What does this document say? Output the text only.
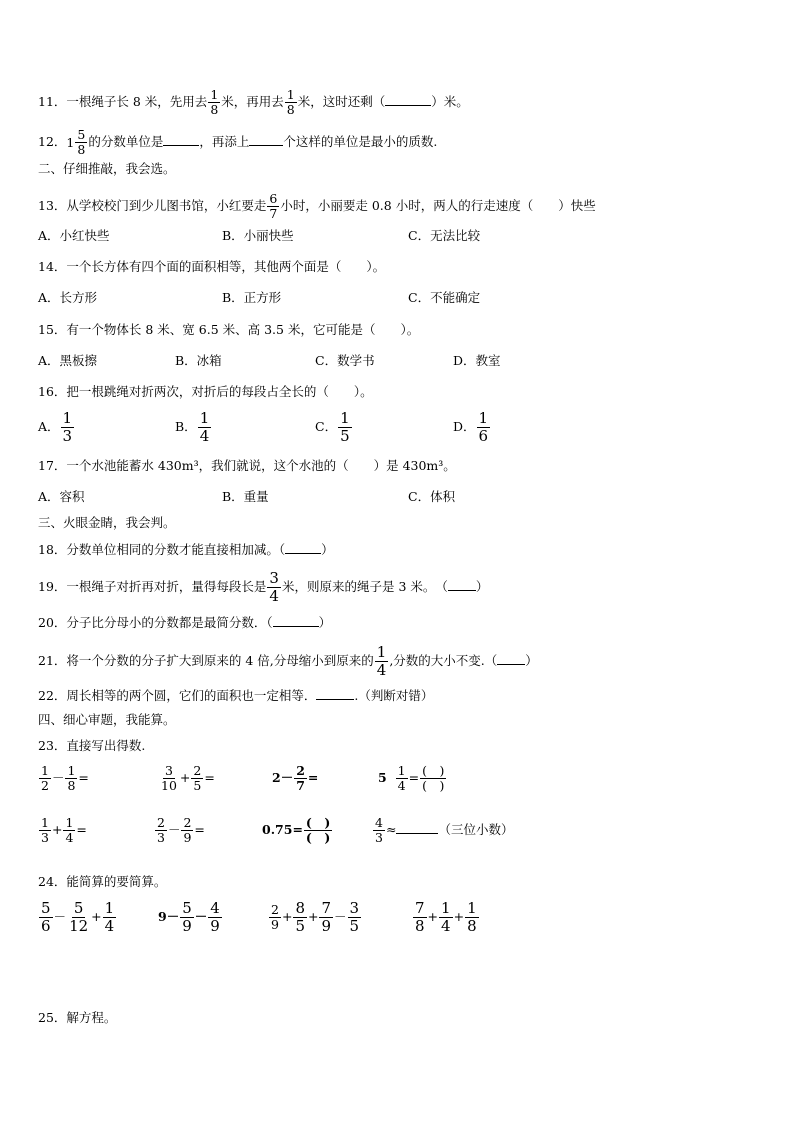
11．一根绳子长 8 米，先用去 $\frac{1}{8}$ 米，再用去 $\frac{1}{8}$ 米，这时还剩（	）米。
12． 1 5
8
的分数单位是	，再添上	个这样的单位是最小的质数.
二、仔细推敲，我会选。
13．从学校校门到少儿图书馆，小红要走 $\frac{6}{7}$ 小时，小丽要走 0.8 小时，两人的行走速度（　　）快些
A．小红快些	B．小丽快些	C．无法比较
14．一个长方体有四个面的面积相等，其他两个面是（　　）。
A．长方形	B．正方形	C．不能确定
15．有一个物体长 8 米、宽 6.5 米、高 3.5 米，它可能是（　　）。
A．黑板擦	B．冰箱	C．数学书	D．教室
16．把一根跳绳对折两次，对折后的每段占全长的（　　）。
A． $\frac{1}{3}$	B． $\frac{1}{4}$	C． $\frac{1}{5}$	D． $\frac{1}{6}$
17．一个水池能蓄水 430m³，我们就说，这个水池的（　　）是 430m³。
A．容积	B．重量	C．体积
三、火眼金睛，我会判。
18．分数单位相同的分数才能直接相加减。（	）
19．一根绳子对折再对折，量得每段长是 $\frac{3}{4}$ 米，则原来的绳子是 3 米。　（ ）
20．分子比分母小的分数都是最简分数．（	）
21．将一个分数的分子扩大到原来的 4 倍,分母缩小到原来的 $\frac{1}{4}$ ,分数的大小不变.（ ）
22．周长相等的两个圆，它们的面积也一定相等．	.（判断对错）
四、细心审题，我能算。
23．直接写出得数.
$\frac{1}{2} - \frac{1}{8}$ =	$\frac{3}{10} + \frac{2}{5}$ =	$2- \frac{2}{7}$ =	$5 \frac{1}{4}$ = (　)
(　)
$\frac{1}{3} + \frac{1}{4}$ =	$\frac{2}{3} - \frac{2}{9}$ =	0.75= (　)
(　)	$\frac{4}{3}$ ≈	（三位小数）
24．能简算的要简算。
$\frac{5}{6} - \frac{5}{12} + \frac{1}{4}$	$9- \frac{5}{9} - \frac{4}{9}$	$\frac{2}{9} + \frac{8}{5} + \frac{7}{9} - \frac{3}{5}$	$\frac{7}{8} + \frac{1}{4} + \frac{1}{8}$
25．解方程。
